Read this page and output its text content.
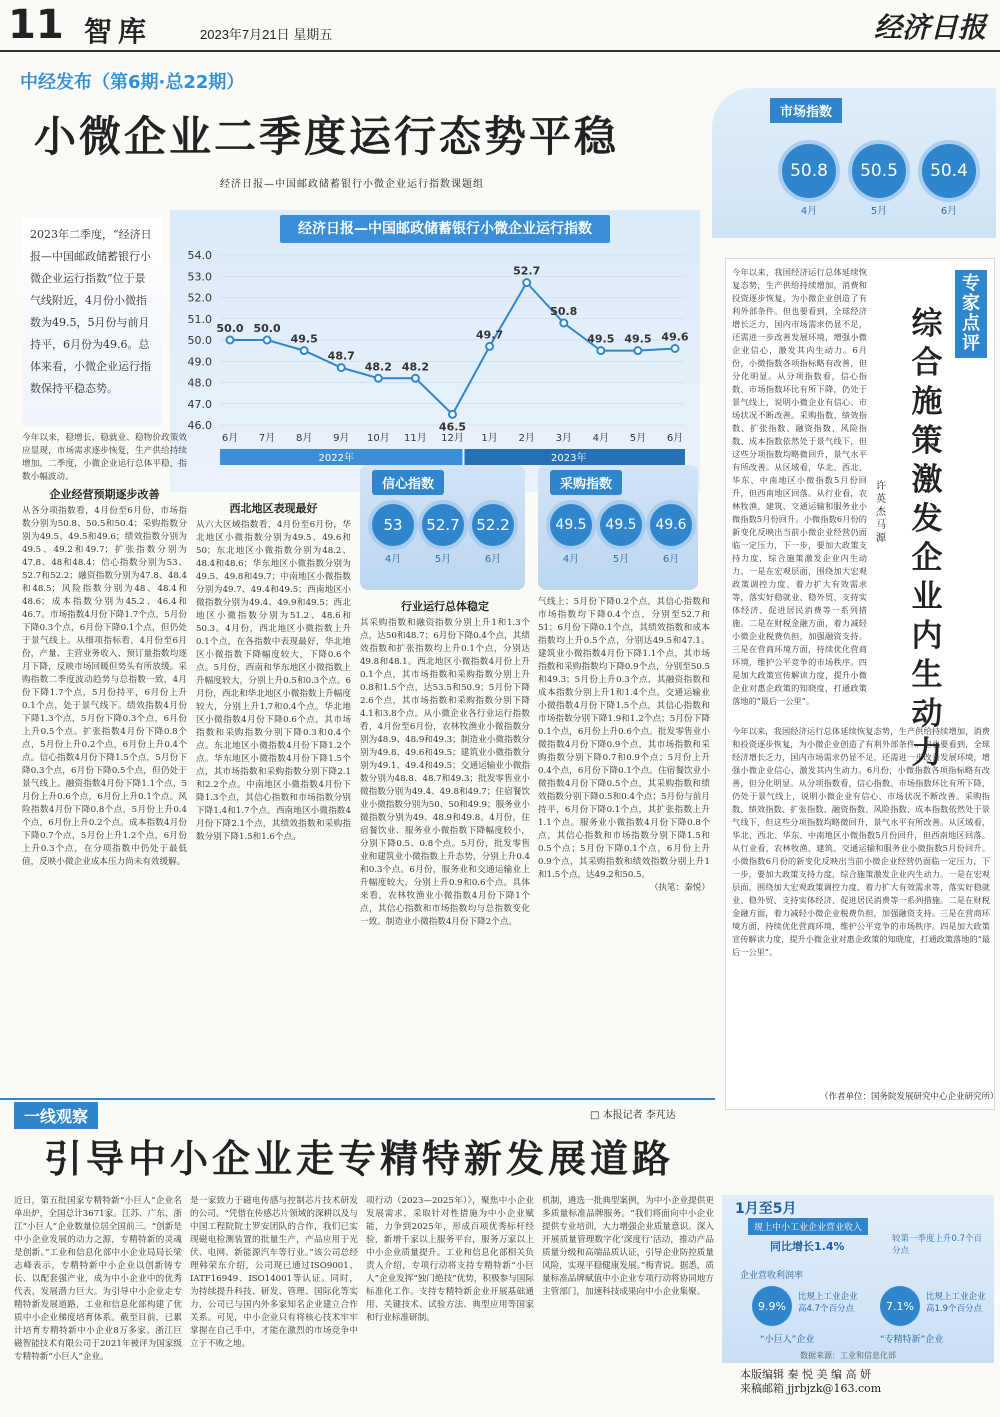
11 智库	2023年7月21日 星期五	经济日报
中经发布（第6期·总22期）
小微企业二季度运行态势平稳
经济日报—中国邮政储蓄银行小微企业运行指数课题组
市场指数
50.8
4月
50.5
5月
50.4
6月

2023年二季度，“经济日报—中国邮政储蓄银行小微企业运行指数”位于景气线附近，4月份小微指数为49.5，5月份与前月持平，6月份为49.6。总体来看，小微企业运行指数保持平稳态势。

经济日报—中国邮政储蓄银行小微企业运行指数
54.0
53.0
52.0
51.0
50.0
49.0
48.0
47.0
46.0
50.0
6月
50.0
7月
49.5
8月
48.7
9月
48.2
10月
48.2
11月
46.5
12月
49.7
1月
52.7
2月
50.8
3月
49.5
4月
49.5
5月
49.6
6月
2022年	2023年
信心指数
53
4月
52.7
5月
52.2
6月
采购指数
49.5
4月
49.5
5月
49.6
6月

今年以来，稳增长、稳就业、稳物价政策效应显现，市场需求逐步恢复，生产供给持续增加。二季度，小微企业运行总体平稳，指数小幅波动。

企业经营预期逐步改善

从各分项指数看，4月份至6月份，市场指数分别为50.8、50.5和50.4；采购指数分别为49.5、49.5和49.6；绩效指数分别为49.5、49.2和49.7；扩张指数分别为47.8、48和48.4；信心指数分别为53、52.7和52.2；融资指数分别为47.8、48.4和48.5；风险指数分别为48、48.4和48.6；成本指数分别为45.2、46.4和46.7。市场指数4月份下降1.7个点，5月份下降0.3个点，6月份下降0.1个点，但仍处于景气线上。从细项指标看，4月份至6月份，产量、主营业务收入、预订量指数均逐月下降，反映市场回暖但势头有所放缓。采购指数二季度波动趋势与总指数一致，4月份下降1.7个点，5月份持平，6月份上升0.1个点，处于景气线下。绩效指数4月份下降1.3个点，5月份下降0.3个点，6月份上升0.5个点。扩张指数4月份下降0.8个点，5月份上升0.2个点，6月份上升0.4个点。信心指数4月份下降1.5个点，5月份下降0.3个点，6月份下降0.5个点，但仍处于景气线上。融资指数4月份下降1.1个点，5月份上升0.6个点，6月份上升0.1个点。风险指数4月份下降0.8个点，5月份上升0.4个点，6月份上升0.2个点。成本指数4月份下降0.7个点，5月份上升1.2个点，6月份上升0.3个点，在分项指数中仍处于最低值，反映小微企业成本压力尚未有效缓解。

西北地区表现最好

从六大区域指数看，4月份至6月份，华北地区小微指数分别为49.5、49.6和50；东北地区小微指数分别为48.2、48.4和48.6；华东地区小微指数分别为49.5、49.8和49.7；中南地区小微指数分别为49.7、49.4和49.5；西南地区小微指数分别为49.4、49.9和49.5；西北地区小微指数分别为51.2、48.6和50.3。4月份，西北地区小微指数上升0.1个点，在各指数中表现最好，华北地区小微指数下降幅度较大，下降0.6个点。5月份，西南和华东地区小微指数上升幅度较大，分别上升0.5和0.3个点。6月份，西北和华北地区小微指数上升幅度较大，分别上升1.7和0.4个点。华北地区小微指数4月份下降0.6个点，其市场指数和采购指数分别下降0.3和0.4个点。东北地区小微指数4月份下降1.2个点。华东地区小微指数4月份下降1.5个点，其市场指数和采购指数分别下降2.1和2.2个点。中南地区小微指数4月份下降1.3个点，其信心指数和市场指数分别下降1.4和1.7个点。西南地区小微指数4月份下降2.1个点，其绩效指数和采购指数分别下降1.5和1.6个点。

行业运行总体稳定

其采购指数和融资指数分别上升1和1.3个点，达50和48.7；6月份下降0.4个点，其绩效指数和扩张指数均上升0.1个点，分别达49.8和48.1。西北地区小微指数4月份上升0.1个点，其市场指数和采购指数分别上升0.8和1.5个点，达53.5和50.9；5月份下降2.6个点，其市场指数和采购指数分别下降4.1和3.8个点。从小微企业各行业运行指数看，4月份至6月份，农林牧渔业小微指数分别为48.9、48.9和49.3；制造业小微指数分别为49.8、49.6和49.5；建筑业小微指数分别为49.1、49.4和49.5；交通运输业小微指数分别为48.8、48.7和49.3；批发零售业小微指数分别为49.4、49.8和49.7；住宿餐饮业小微指数分别为50、50和49.9；服务业小微指数分别为49、48.9和49.8。4月份，住宿餐饮业、服务业小微指数下降幅度较小，分别下降0.5、0.8个点。5月份，批发零售业和建筑业小微指数上升态势，分别上升0.4和0.3个点。6月份，服务业和交通运输业上升幅度较大，分别上升0.9和0.6个点。具体来看，农林牧渔业小微指数4月份下降1个点，其信心指数和市场指数均与总指数变化一致。制造业小微指数4月份下降2个点。

气线上；5月份下降0.2个点，其信心指数和市场指数均下降0.4个点，分别至52.7和51；6月份下降0.1个点，其绩效指数和成本指数均上升0.5个点，分别达49.5和47.1。建筑业小微指数4月份下降1.1个点，其市场指数和采购指数均下降0.9个点，分别至50.5和49.3；5月份上升0.3个点，其融资指数和成本指数分别上升1和1.4个点。交通运输业小微指数4月份下降1.5个点，其信心指数和市场指数分别下降1.9和1.2个点；5月份下降0.1个点，6月份上升0.6个点。批发零售业小微指数4月份下降0.9个点，其市场指数和采购指数分别下降0.7和0.9个点；5月份上升0.4个点，6月份下降0.1个点。住宿餐饮业小微指数4月份下降0.5个点，其采购指数和绩效指数分别下降0.5和0.4个点；5月份与前月持平，6月份下降0.1个点，其扩张指数上升1.1个点。服务业小微指数4月份下降0.8个点，其信心指数和市场指数分别下降1.5和0.5个点；5月份下降0.1个点，6月份上升0.9个点，其采购指数和绩效指数分别上升1和1.5个点，达49.2和50.5。

（执笔：秦悦）

专家点评
综合施策激发企业内生动力
许英杰 马源

今年以来，我国经济运行总体延续恢复态势，生产供给持续增加，消费和投资逐步恢复，为小微企业创造了有利外部条件。但也要看到，全球经济增长乏力，国内市场需求仍显不足，还需进一步改善发展环境，增强小微企业信心，激发其内生动力。6月份，小微指数各项指标略有改善，但分化明显。从分项指数看，信心指数、市场指数环比有所下降，仍处于景气线上，说明小微企业有信心、市场状况不断改善。采购指数、绩效指数、扩张指数、融资指数、风险指数、成本指数依然处于景气线下，但这些分项指数均略微回升，景气水平有所改善。从区域看，华北、西北、华东、中南地区小微指数5月份回升，但西南地区回落。从行业看，农林牧渔、建筑、交通运输和服务业小微指数5月份回升。小微指数6月份的新变化反映出当前小微企业经营仍面临一定压力，下一步，要加大政策支持力度，综合施策激发企业内生动力。一是在宏观层面，围绕加大宏观政策调控力度、着力扩大有效需求等，落实好稳就业、稳外贸、支持实体经济、促进居民消费等一系列措施。二是在财税金融方面，着力减轻小微企业税费负担，加强融资支持。三是在营商环境方面，持续优化营商环境，维护公平竞争的市场秩序。四是加大政策宣传解读力度，提升小微企业对惠企政策的知晓度，打通政策落地的“最后一公里”。

今年以来，我国经济运行总体延续恢复态势，生产供给持续增加，消费和投资逐步恢复，为小微企业创造了有利外部条件。但也要看到，全球经济增长乏力，国内市场需求仍显不足，还需进一步改善发展环境，增强小微企业信心，激发其内生动力。6月份，小微指数各项指标略有改善，但分化明显。从分项指数看，信心指数、市场指数环比有所下降，仍处于景气线上，说明小微企业有信心、市场状况不断改善。采购指数、绩效指数、扩张指数、融资指数、风险指数、成本指数依然处于景气线下，但这些分项指数均略微回升，景气水平有所改善。从区域看，华北、西北、华东、中南地区小微指数5月份回升，但西南地区回落。从行业看，农林牧渔、建筑、交通运输和服务业小微指数5月份回升。小微指数6月份的新变化反映出当前小微企业经营仍面临一定压力，下一步，要加大政策支持力度，综合施策激发企业内生动力。一是在宏观层面，围绕加大宏观政策调控力度、着力扩大有效需求等，落实好稳就业、稳外贸、支持实体经济、促进居民消费等一系列措施。二是在财税金融方面，着力减轻小微企业税费负担，加强融资支持。三是在营商环境方面，持续优化营商环境，维护公平竞争的市场秩序。四是加大政策宣传解读力度，提升小微企业对惠企政策的知晓度，打通政策落地的“最后一公里”。

（作者单位：国务院发展研究中心企业研究所）
一线观察	□ 本报记者 李芃达
引导中小企业走专精特新发展道路

近日，第五批国家专精特新“小巨人”企业名单出炉，全国总计3671家。江苏、广东、浙江“小巨人”企业数量位居全国前三。“创新是中小企业发展的动力之源，专精特新的灵魂是创新。”工业和信息化部中小企业局局长梁志峰表示，专精特新中小企业以创新铸专长、以配套强产业，成为中小企业中的优秀代表，发展潜力巨大。为引导中小企业走专精特新发展道路，工业和信息化部构建了优质中小企业梯度培育体系。截至目前，已累计培育专精特新中小企业8万多家。浙江巨磁智能技术有限公司于2021年被评为国家级专精特新“小巨人”企业。

是一家致力于磁电传感与控制芯片技术研发的公司。“凭借在传感芯片领域的深耕以及与中国工程院院士罗安团队的合作，我们已实现磁电检测装置的批量生产，产品应用于光伏、电网、新能源汽车等行业。”该公司总经理韩荣东介绍，公司现已通过ISO9001、IATF16949、ISO14001等认证。同时，为持续提升科技、研发、管理、国际化等实力，公司已与国内外多家知名企业建立合作关系。可见，中小企业只有将核心技术牢牢掌握在自己手中，才能在激烈的市场竞争中立于不败之地。

项行动（2023—2025年）》，聚焦中小企业发展需求，采取针对性措施为中小企业赋能，力争到2025年，形成百项优秀标杆经验，新增千家以上服务平台，服务万家以上中小企业质量提升。工业和信息化部相关负责人介绍，专项行动将支持专精特新“小巨人”企业发挥“独门绝技”优势，积极参与国际标准化工作。支持专精特新企业开展基础通用、关键技术、试验方法、典型应用等国家和行业标准研制。

机制，遴选一批典型案例，为中小企业提供更多质量标准品牌服务。“我们将面向中小企业提供专业培训，大力增强企业质量意识。深入开展质量管理数字化‘深度行’活动，推动产品质量分级和高端品质认证，引导企业防控质量风险，实现平稳健康发展。”梅青说。据悉，质量标准品牌赋值中小企业专项行动将协同地方主管部门，加速科技成果向中小企业集聚。

1月至5月
规上中小工业企业营业收入
同比增长1.4%
较第一季度上升0.7个百分点
企业营收利润率
9.9%
比规上工业企业高4.7个百分点	7.1%
比规上工业企业高1.9个百分点
“小巨人”企业	“专精特新”企业
数据来源：工业和信息化部
本版编辑 秦 悦 美 编 高 妍
来稿邮箱 jjrbjzk@163.com
